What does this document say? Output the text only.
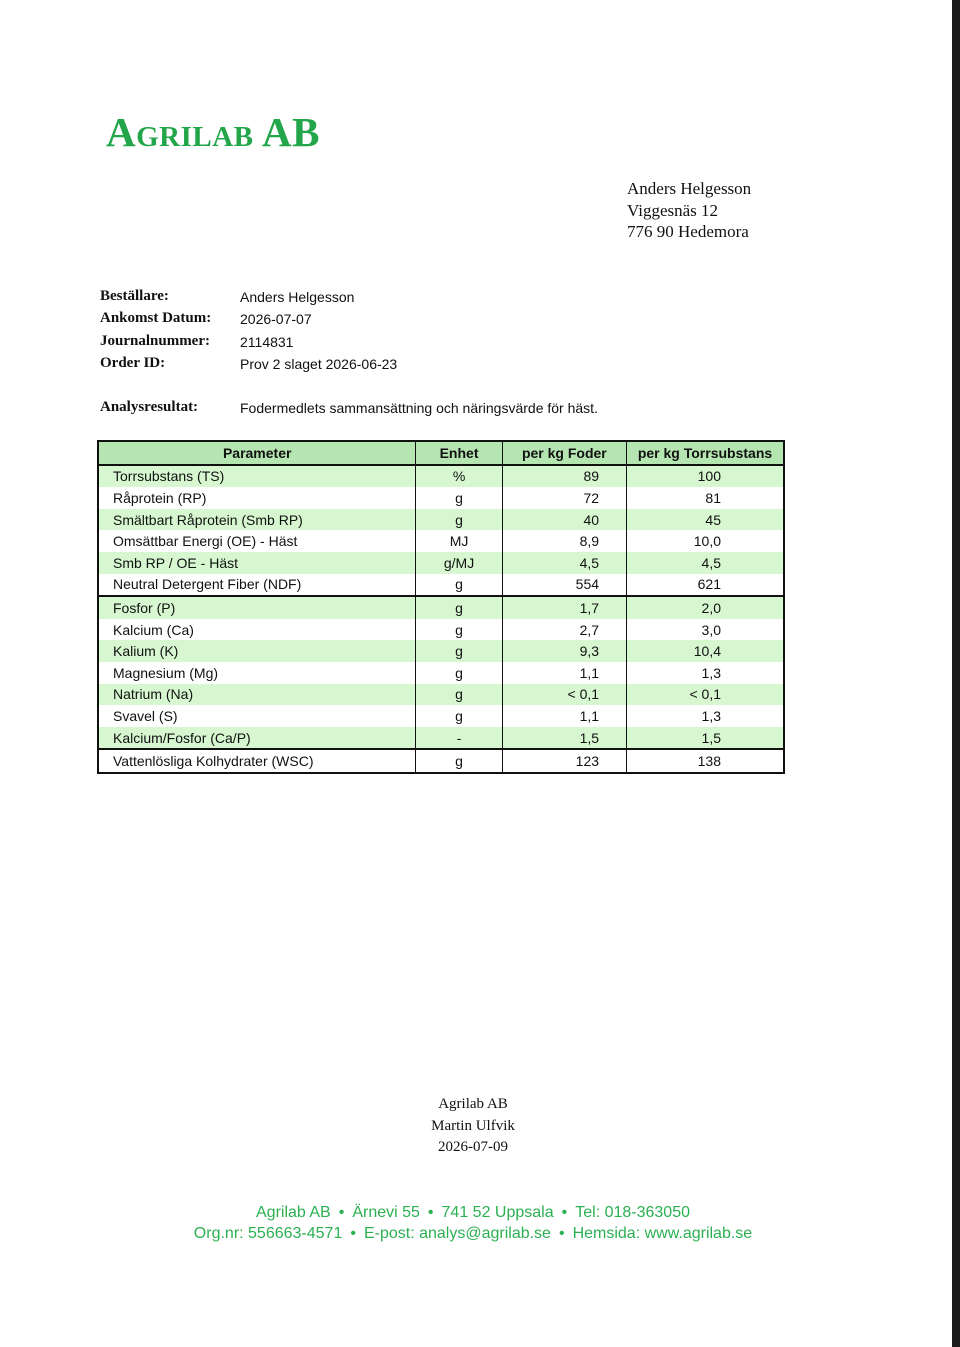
Agrilab AB
Anders Helgesson
Viggesnäs 12
776 90 Hedemora
Beställare:	Anders Helgesson
Ankomst Datum: 2026-07-07
Journalnummer: 2114831
Order ID:	Prov 2 slaget 2026-06-23
Analysresultat:	Fodermedlets sammansättning och näringsvärde för häst.
Parameter	Enhet	per kg Foder	per kg Torrsubstans
Torrsubstans (TS)	%	89	100
Råprotein (RP)	g	72	81
Smältbart Råprotein (Smb RP)	g	40	45
Omsättbar Energi (OE) - Häst	MJ	8,9	10,0
Smb RP / OE - Häst	g/MJ	4,5	4,5
Neutral Detergent Fiber (NDF)	g	554	621
Fosfor (P)	g	1,7	2,0
Kalcium (Ca)	g	2,7	3,0
Kalium (K)	g	9,3	10,4
Magnesium (Mg)	g	1,1	1,3
Natrium (Na)	g	< 0,1	< 0,1
Svavel (S)	g	1,1	1,3
Kalcium/Fosfor (Ca/P)	-	1,5	1,5
Vattenlösliga Kolhydrater (WSC)	g	123	138
Agrilab AB
Martin Ulfvik
2026-07-09
Agrilab AB • Ärnevi 55 • 741 52 Uppsala • Tel: 018-363050
Org.nr: 556663-4571 • E-post: analys@agrilab.se • Hemsida: www.agrilab.se
